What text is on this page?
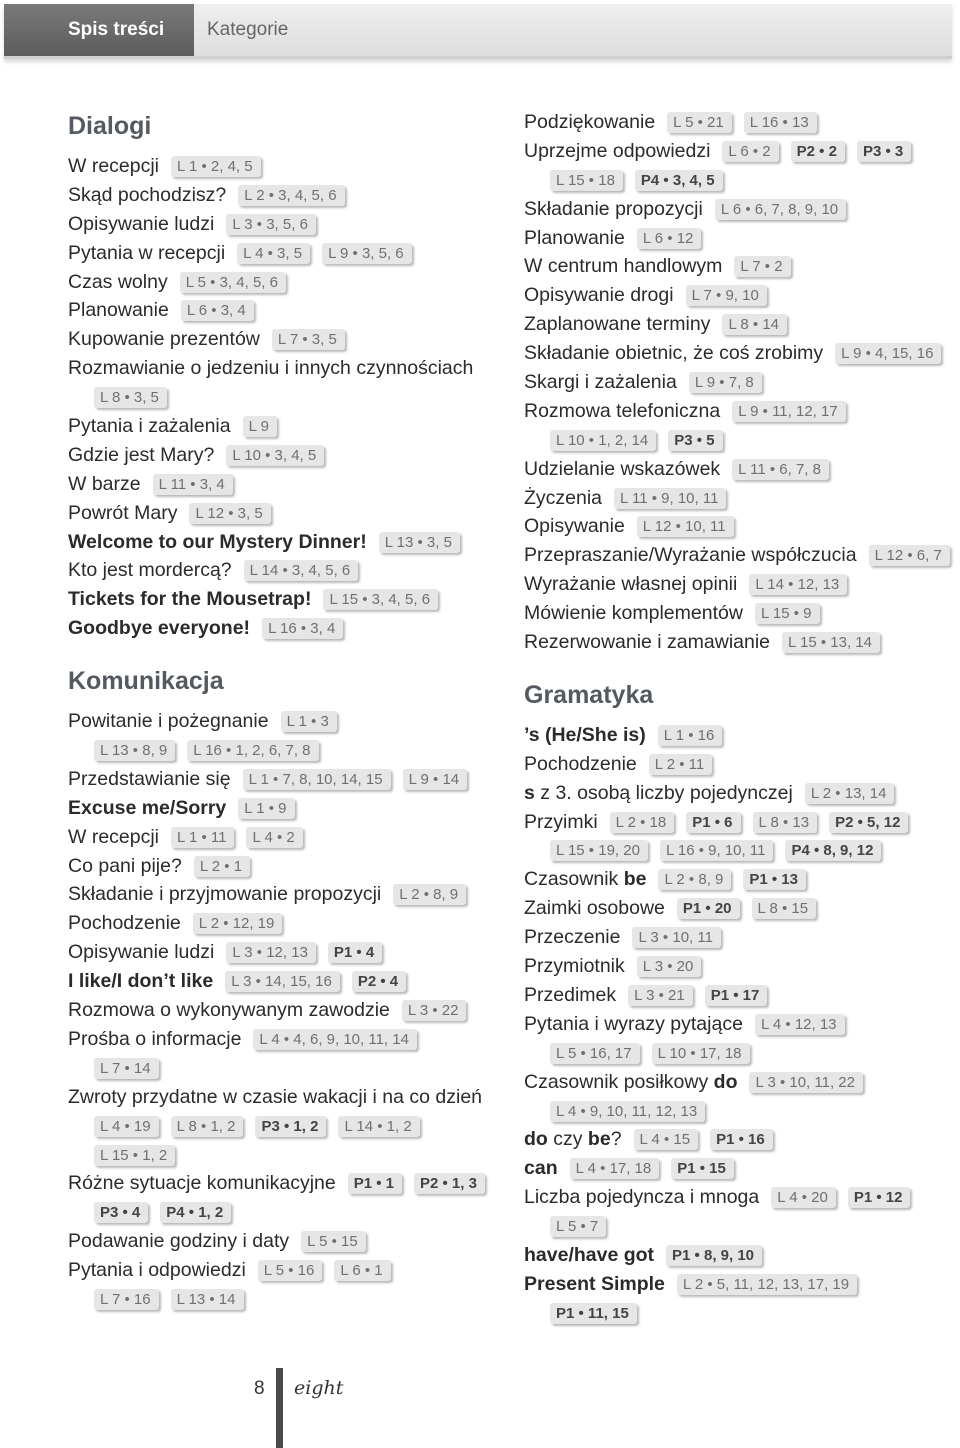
Spis treści	Kategorie
Dialogi
W recepcji L 1 • 2, 4, 5
Skąd pochodzisz? L 2 • 3, 4, 5, 6
Opisywanie ludzi L 3 • 3, 5, 6
Pytania w recepcji L 4 • 3, 5 L 9 • 3, 5, 6
Czas wolny L 5 • 3, 4, 5, 6
Planowanie L 6 • 3, 4
Kupowanie prezentów L 7 • 3, 5
Rozmawianie o jedzeniu i innych czynnościach
L 8 • 3, 5
Pytania i zażalenia L 9
Gdzie jest Mary? L 10 • 3, 4, 5
W barze L 11 • 3, 4
Powrót Mary L 12 • 3, 5
Welcome to our Mystery Dinner! L 13 • 3, 5
Kto jest mordercą? L 14 • 3, 4, 5, 6
Tickets for the Mousetrap! L 15 • 3, 4, 5, 6
Goodbye everyone! L 16 • 3, 4
Komunikacja
Powitanie i pożegnanie L 1 • 3
L 13 • 8, 9 L 16 • 1, 2, 6, 7, 8
Przedstawianie się L 1 • 7, 8, 10, 14, 15 L 9 • 14
Excuse me/Sorry L 1 • 9
W recepcji L 1 • 11 L 4 • 2
Co pani pije? L 2 • 1
Składanie i przyjmowanie propozycji L 2 • 8, 9
Pochodzenie L 2 • 12, 19
Opisywanie ludzi L 3 • 12, 13 P1 • 4
I like/I don’t like L 3 • 14, 15, 16 P2 • 4
Rozmowa o wykonywanym zawodzie L 3 • 22
Prośba o informacje L 4 • 4, 6, 9, 10, 11, 14
L 7 • 14
Zwroty przydatne w czasie wakacji i na co dzień
L 4 • 19 L 8 • 1, 2 P3 • 1, 2 L 14 • 1, 2
L 15 • 1, 2
Różne sytuacje komunikacyjne P1 • 1 P2 • 1, 3
P3 • 4 P4 • 1, 2
Podawanie godziny i daty L 5 • 15
Pytania i odpowiedzi L 5 • 16 L 6 • 1
L 7 • 16 L 13 • 14
Podziękowanie L 5 • 21 L 16 • 13
Uprzejme odpowiedzi L 6 • 2 P2 • 2 P3 • 3
L 15 • 18 P4 • 3, 4, 5
Składanie propozycji L 6 • 6, 7, 8, 9, 10
Planowanie L 6 • 12
W centrum handlowym L 7 • 2
Opisywanie drogi L 7 • 9, 10
Zaplanowane terminy L 8 • 14
Składanie obietnic, że coś zrobimy L 9 • 4, 15, 16
Skargi i zażalenia L 9 • 7, 8
Rozmowa telefoniczna L 9 • 11, 12, 17
L 10 • 1, 2, 14 P3 • 5
Udzielanie wskazówek L 11 • 6, 7, 8
Życzenia L 11 • 9, 10, 11
Opisywanie L 12 • 10, 11
Przepraszanie/Wyrażanie współczucia L 12 • 6, 7
Wyrażanie własnej opinii L 14 • 12, 13
Mówienie komplementów L 15 • 9
Rezerwowanie i zamawianie L 15 • 13, 14
Gramatyka
’s (He/She is) L 1 • 16
Pochodzenie L 2 • 11
s z 3. osobą liczby pojedynczej L 2 • 13, 14
Przyimki L 2 • 18 P1 • 6 L 8 • 13 P2 • 5, 12
L 15 • 19, 20 L 16 • 9, 10, 11 P4 • 8, 9, 12
Czasownik be L 2 • 8, 9 P1 • 13
Zaimki osobowe P1 • 20 L 8 • 15
Przeczenie L 3 • 10, 11
Przymiotnik L 3 • 20
Przedimek L 3 • 21 P1 • 17
Pytania i wyrazy pytające L 4 • 12, 13
L 5 • 16, 17 L 10 • 17, 18
Czasownik posiłkowy do L 3 • 10, 11, 22
L 4 • 9, 10, 11, 12, 13
do czy be? L 4 • 15 P1 • 16
can L 4 • 17, 18 P1 • 15
Liczba pojedyncza i mnoga L 4 • 20 P1 • 12
L 5 • 7
have/have got P1 • 8, 9, 10
Present Simple L 2 • 5, 11, 12, 13, 17, 19
P1 • 11, 15
8 eight
